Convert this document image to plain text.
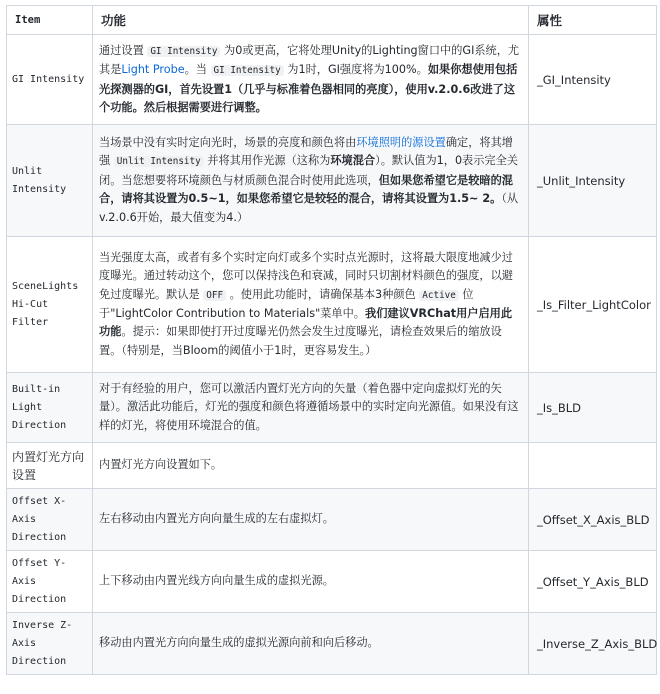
Item	功能	属性
GI Intensity	通过设置 GI Intensity 为0或更高，它将处理Unity的Lighting窗口中的GI系统，尤其是Light Probe。当 GI Intensity 为1时，GI强度将为100%。如果你想使用包括光探测器的GI，首先设置1（几乎与标准着色器相同的亮度），使用v.2.0.6改进了这个功能。然后根据需要进行调整。	_GI_Intensity
Unlit Intensity	当场景中没有实时定向光时，场景的亮度和颜色将由环境照明的源设置确定，将其增强 Unlit Intensity 并将其用作光源（这称为环境混合）。默认值为1，0表示完全关闭。当您想要将环境颜色与材质颜色混合时使用此选项，但如果您希望它是较暗的混合，请将其设置为0.5~1，如果您希望它是较轻的混合，请将其设置为1.5~ 2。（从v.2.0.6开始，最大值变为4.）	_Unlit_Intensity
SceneLights Hi-Cut Filter	当光强度太高，或者有多个实时定向灯或多个实时点光源时，这将最大限度地减少过度曝光。通过转动这个，您可以保持浅色和衰减，同时只切割材料颜色的强度，以避免过度曝光。默认是 OFF 。使用此功能时，请确保基本3种颜色 Active 位于"LightColor Contribution to Materials"菜单中。我们建议VRChat用户启用此功能。提示：如果即使打开过度曝光仍然会发生过度曝光，请检查效果后的缩放设置。（特别是，当Bloom的阈值小于1时，更容易发生。）	_Is_Filter_LightColor
Built-in Light Direction	对于有经验的用户，您可以激活内置灯光方向的矢量（着色器中定向虚拟灯光的矢量）。激活此功能后，灯光的强度和颜色将遵循场景中的实时定向光源值。如果没有这样的灯光，将使用环境混合的值。	_Is_BLD
内置灯光方向设置	内置灯光方向设置如下。	
Offset X-Axis Direction	左右移动由内置光方向向量生成的左右虚拟灯。	_Offset_X_Axis_BLD
Offset Y-Axis Direction	上下移动由内置光线方向向量生成的虚拟光源。	_Offset_Y_Axis_BLD
Inverse Z-Axis Direction	移动由内置光方向向量生成的虚拟光源向前和向后移动。	_Inverse_Z_Axis_BLD
